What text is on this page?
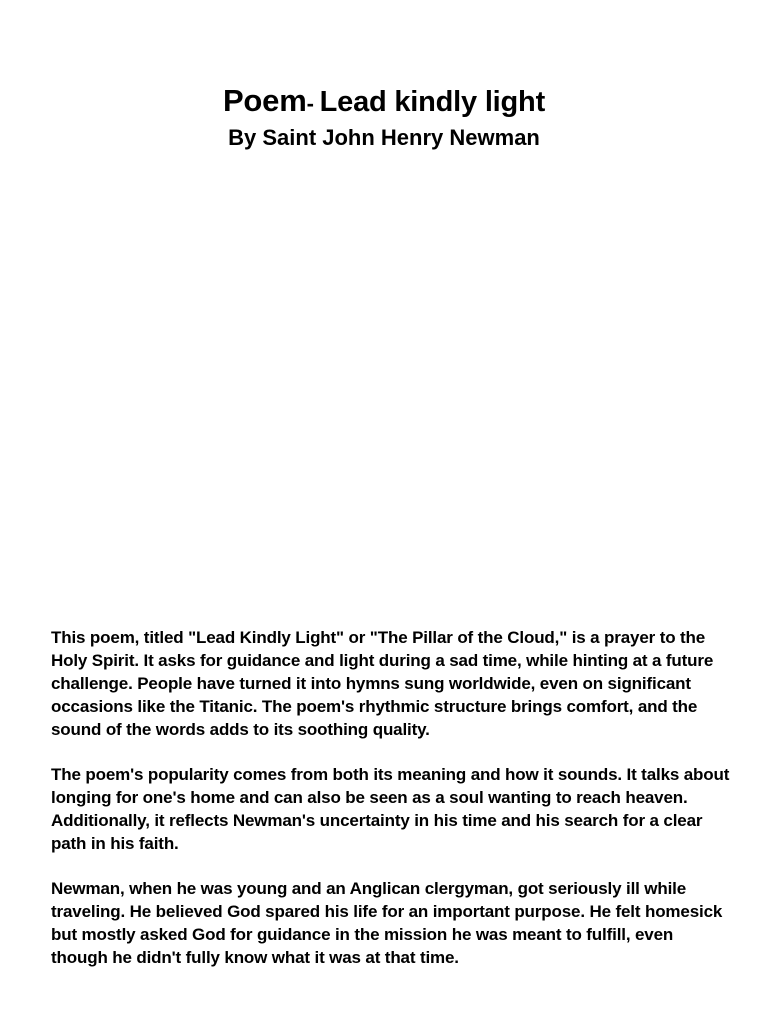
Poem- Lead kindly light

By Saint John Henry Newman

This poem, titled "Lead Kindly Light" or "The Pillar of the Cloud," is a prayer to the Holy Spirit. It asks for guidance and light during a sad time, while hinting at a future challenge. People have turned it into hymns sung worldwide, even on significant occasions like the Titanic. The poem's rhythmic structure brings comfort, and the sound of the words adds to its soothing quality.

The poem's popularity comes from both its meaning and how it sounds. It talks about longing for one's home and can also be seen as a soul wanting to reach heaven. Additionally, it reflects Newman's uncertainty in his time and his search for a clear path in his faith.

Newman, when he was young and an Anglican clergyman, got seriously ill while traveling. He believed God spared his life for an important purpose. He felt homesick but mostly asked God for guidance in the mission he was meant to fulfill, even though he didn't fully know what it was at that time.
